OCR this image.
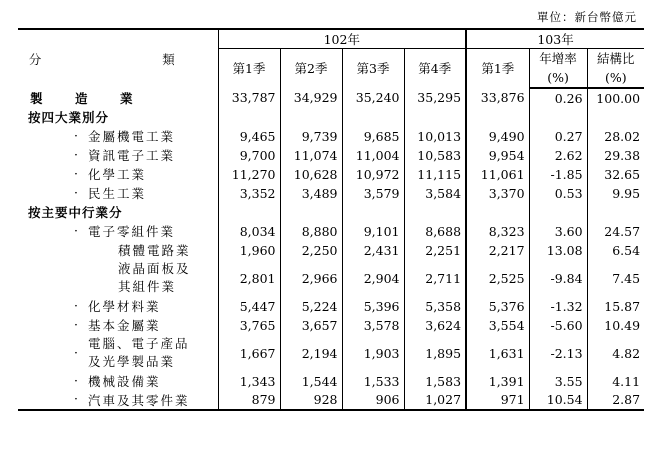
單位：新台幣億元
分　　類	102年				103年		
	第1季	第2季	第3季	第4季	第1季	年增率	結構比
						(%)	(%)

製　造　業	33,787	34,929	35,240	35,295	33,876	0.26	100.00

按四大業別分							

· 金屬機電工業	9,465	9,739	9,685	10,013	9,490	0.27	28.02
· 資訊電子工業	9,700	11,074	11,004	10,583	9,954	2.62	29.38
· 化學工業	11,270	10,628	10,972	11,115	11,061	-1.85	32.65
· 民生工業	3,352	3,489	3,579	3,584	3,370	0.53	9.95

按主要中行業分							

· 電子零組件業	8,034	8,880	9,101	8,688	8,323	3.60	24.57

積體電路業	1,960	2,250	2,431	2,251	2,217	13.08	6.54

液晶面板及
其組件業	2,801	2,966	2,904	2,711	2,525	-9.84	7.45
· 化學材料業	5,447	5,224	5,396	5,358	5,376	-1.32	15.87
· 基本金屬業	3,765	3,657	3,578	3,624	3,554	-5.60	10.49
·
電腦、電子產品
及光學製品業	1,667	2,194	1,903	1,895	1,631	-2.13	4.82
· 機械設備業	1,343	1,544	1,533	1,583	1,391	3.55	4.11
· 汽車及其零件業	879	928	906	1,027	971	10.54	2.87
